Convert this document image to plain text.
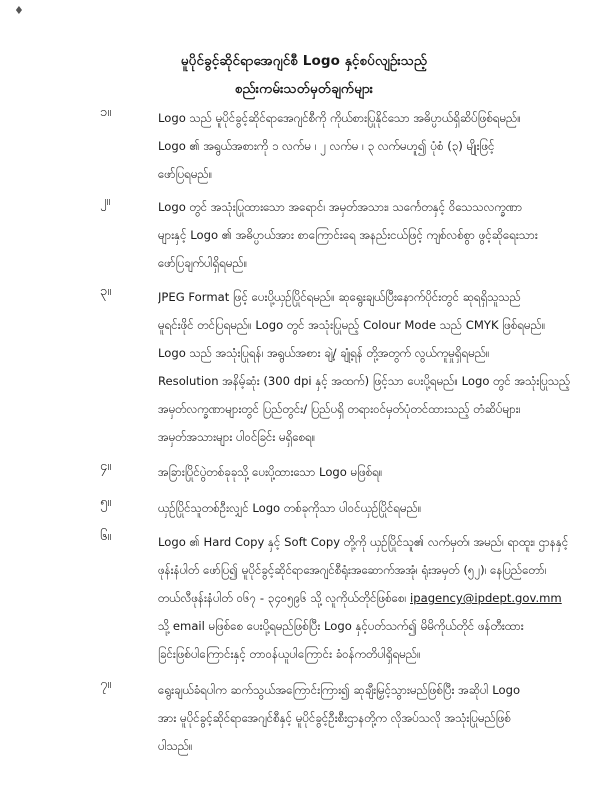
♦
မူပိုင်ခွင့်ဆိုင်ရာအေဂျင်စီ Logo နှင့်စပ်လျဉ်းသည့်
စည်းကမ်းသတ်မှတ်ချက်များ
၁။	Logo သည် မူပိုင်ခွင့်ဆိုင်ရာအေဂျင်စီကို ကိုယ်စားပြုနိုင်သော အဓိပ္ပာယ်ရှိဆိပ်ဖြစ်ရမည်။
Logo ၏ အရွယ်အစားကို ၁ လက်မ ၊ ၂ လက်မ ၊ ၃ လက်မဟူ၍ ပုံစံ (၃) မျိုးဖြင့်
ဖော်ပြရမည်။
၂။	Logo တွင် အသုံးပြုထားသော အရောင်၊ အမှတ်အသား၊ သင်္ကေတနှင့် ဝိသေသလက္ခဏာ
များနှင့် Logo ၏ အဓိပ္ပာယ်အား စာကြောင်းရေ အနည်းငယ်ဖြင့် ကျစ်လစ်စွာ ဖွင့်ဆိုရေးသား
ဖော်ပြချက်ပါရှိရမည်။
၃။	JPEG Format ဖြင့် ပေးပို့ယှဉ်ပြိုင်ရမည်။ ဆုရွေးချယ်ပြီးနောက်ပိုင်းတွင် ဆုရရှိသူသည်
မူရင်းဖိုင် တင်ပြရမည်။ Logo တွင် အသုံးပြုမည့် Colour Mode သည် CMYK ဖြစ်ရမည်။
Logo သည် အသုံးပြုရန်၊ အရွယ်အစား ချဲ့/ ချုံ့ရန် တို့အတွက် လွယ်ကူမှုရှိရမည်။
Resolution အနိမ့်ဆုံး (300 dpi နှင့် အထက်) ဖြင့်သာ ပေးပို့ရမည်။ Logo တွင် အသုံးပြုသည့်
အမှတ်လက္ခဏာများတွင် ပြည်တွင်း/ ပြည်ပရှိ တရားဝင်မှတ်ပုံတင်ထားသည့် တံဆိပ်များ၊
အမှတ်အသားများ ပါဝင်ခြင်း မရှိစေရ။
၄။	အခြားပြိုင်ပွဲတစ်ခုခုသို့ ပေးပို့ထားသော Logo မဖြစ်ရ။
၅။	ယှဉ်ပြိုင်သူတစ်ဦးလျှင် Logo တစ်ခုကိုသာ ပါဝင်ယှဉ်ပြိုင်ရမည်။
၆။	Logo ၏ Hard Copy နှင့် Soft Copy တို့ကို ယှဉ်ပြိုင်သူ၏ လက်မှတ်၊ အမည်၊ ရာထူး၊ ဌာနနှင့်
ဖုန်းနံပါတ် ဖော်ပြ၍ မူပိုင်ခွင့်ဆိုင်ရာအေဂျင်စီရုံးအဆောက်အအုံ၊ ရုံးအမှတ် (၅၂)၊ နေပြည်တော်၊
တယ်လီဖုန်းနံပါတ် ၀၆၇ - ၃၄၀၅၉၆ သို့ လူကိုယ်တိုင်ဖြစ်စေ၊ ipagency@ipdept.gov.mm
သို့ email မဖြစ်စေ ပေးပို့ရမည်ဖြစ်ပြီး Logo နှင့်ပတ်သက်၍ မိမိကိုယ်တိုင် ဖန်တီးထား
ခြင်းဖြစ်ပါကြောင်းနှင့် တာဝန်ယူပါကြောင်း ခံဝန်ကတိပါရှိရမည်။
၇။	ရွေးချယ်ခံရပါက ဆက်သွယ်အကြောင်းကြား၍ ဆုချီးမြှင့်သွားမည်ဖြစ်ပြီး အဆိုပါ Logo
အား မူပိုင်ခွင့်ဆိုင်ရာအေဂျင်စီနှင့် မူပိုင်ခွင့်ဦးစီးဌာနတို့က လိုအပ်သလို အသုံးပြုမည်ဖြစ်
ပါသည်။
